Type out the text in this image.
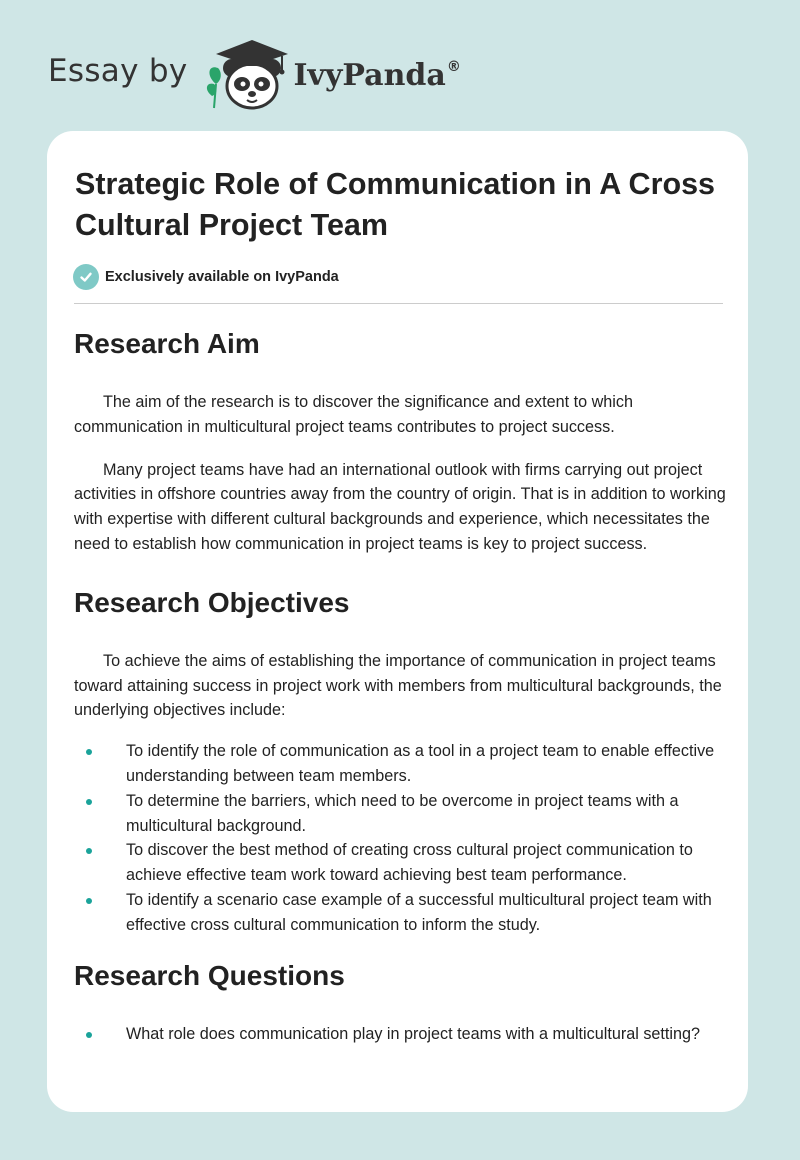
Essay by	IvyPanda®
Strategic Role of Communication in A Cross Cultural Project Team
Exclusively available on IvyPanda
Research Aim

The aim of the research is to discover the significance and extent to which communication in multicultural project teams contributes to project success.

Many project teams have had an international outlook with firms carrying out project activities in offshore countries away from the country of origin. That is in addition to working with expertise with different cultural backgrounds and experience, which necessitates the need to establish how communication in project teams is key to project success.

Research Objectives

To achieve the aims of establishing the importance of communication in project teams toward attaining success in project work with members from multicultural backgrounds, the underlying objectives include:

To identify the role of communication as a tool in a project team to enable effective understanding between team members.
To determine the barriers, which need to be overcome in project teams with a multicultural background.
To discover the best method of creating cross cultural project communication to achieve effective team work toward achieving best team performance.
To identify a scenario case example of a successful multicultural project team with effective cross cultural communication to inform the study.
Research Questions
What role does communication play in project teams with a multicultural setting?
